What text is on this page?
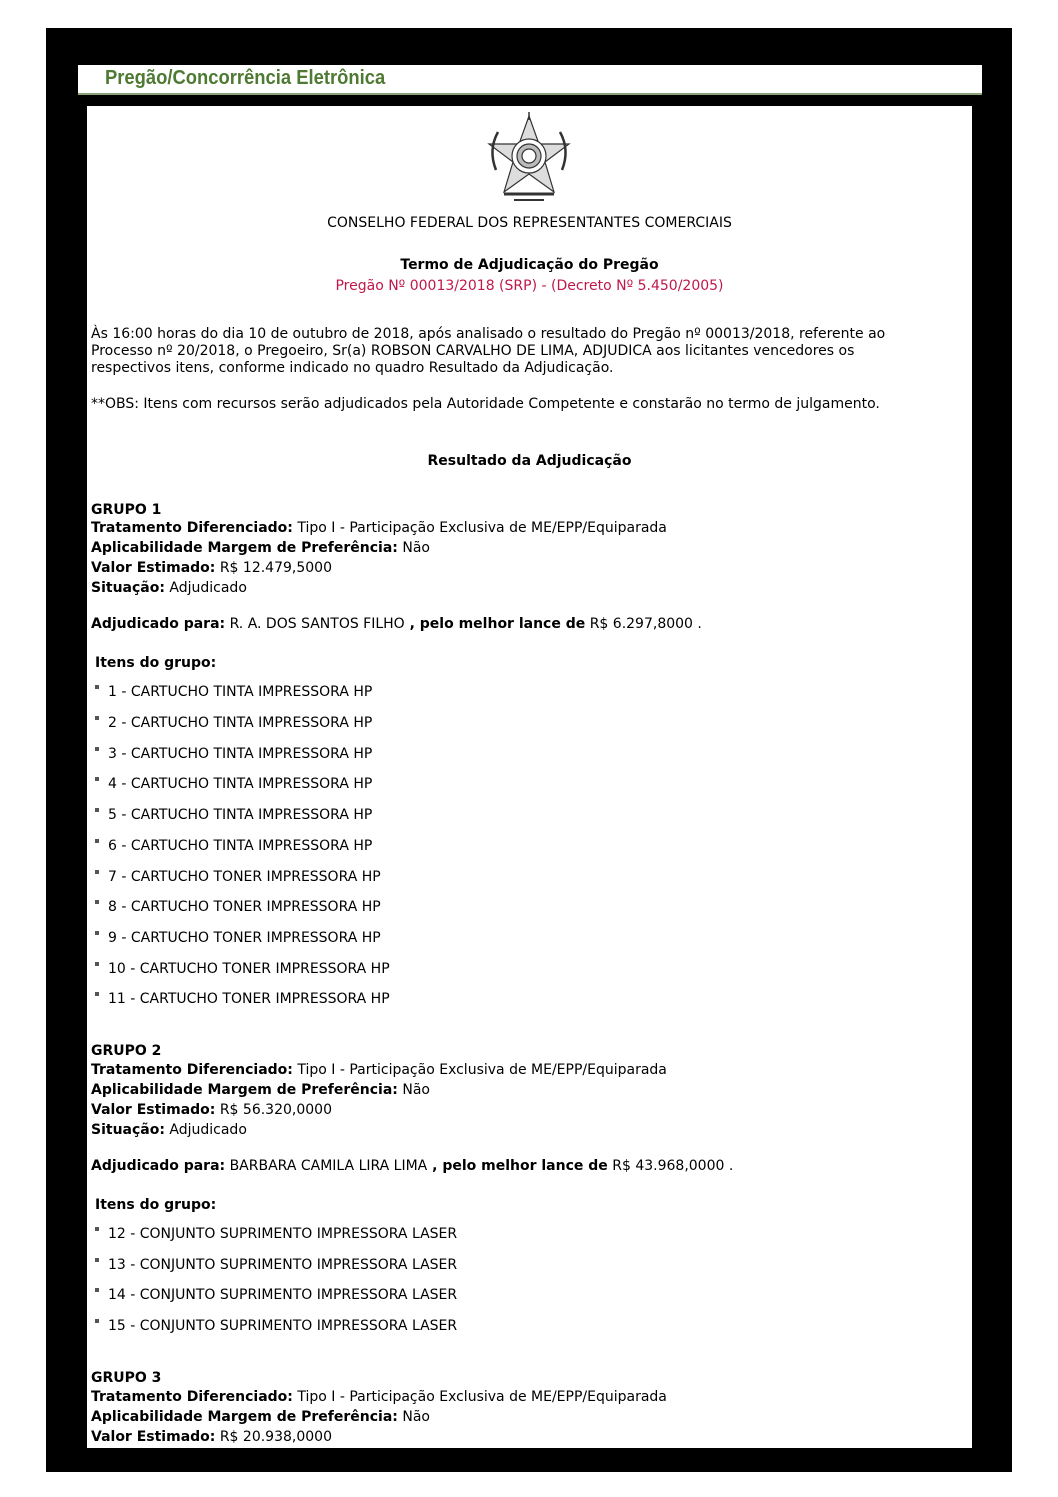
Pregão/Concorrência Eletrônica
CONSELHO FEDERAL DOS REPRESENTANTES COMERCIAIS
Termo de Adjudicação do Pregão
Pregão Nº 00013/2018 (SRP) - (Decreto Nº 5.450/2005)
Às 16:00 horas do dia 10 de outubro de 2018, após analisado o resultado do Pregão nº 00013/2018, referente ao
Processo nº 20/2018, o Pregoeiro, Sr(a) ROBSON CARVALHO DE LIMA, ADJUDICA aos licitantes vencedores os
respectivos itens, conforme indicado no quadro Resultado da Adjudicação.
**OBS: Itens com recursos serão adjudicados pela Autoridade Competente e constarão no termo de julgamento.
Resultado da Adjudicação
GRUPO 1
Tratamento Diferenciado: Tipo I - Participação Exclusiva de ME/EPP/Equiparada
Aplicabilidade Margem de Preferência: Não
Valor Estimado: R$ 12.479,5000
Situação: Adjudicado
Adjudicado para: R. A. DOS SANTOS FILHO , pelo melhor lance de R$ 6.297,8000 .
Itens do grupo:
1 - CARTUCHO TINTA IMPRESSORA HP
2 - CARTUCHO TINTA IMPRESSORA HP
3 - CARTUCHO TINTA IMPRESSORA HP
4 - CARTUCHO TINTA IMPRESSORA HP
5 - CARTUCHO TINTA IMPRESSORA HP
6 - CARTUCHO TINTA IMPRESSORA HP
7 - CARTUCHO TONER IMPRESSORA HP
8 - CARTUCHO TONER IMPRESSORA HP
9 - CARTUCHO TONER IMPRESSORA HP
10 - CARTUCHO TONER IMPRESSORA HP
11 - CARTUCHO TONER IMPRESSORA HP
GRUPO 2
Tratamento Diferenciado: Tipo I - Participação Exclusiva de ME/EPP/Equiparada
Aplicabilidade Margem de Preferência: Não
Valor Estimado: R$ 56.320,0000
Situação: Adjudicado
Adjudicado para: BARBARA CAMILA LIRA LIMA , pelo melhor lance de R$ 43.968,0000 .
Itens do grupo:
12 - CONJUNTO SUPRIMENTO IMPRESSORA LASER
13 - CONJUNTO SUPRIMENTO IMPRESSORA LASER
14 - CONJUNTO SUPRIMENTO IMPRESSORA LASER
15 - CONJUNTO SUPRIMENTO IMPRESSORA LASER
GRUPO 3
Tratamento Diferenciado: Tipo I - Participação Exclusiva de ME/EPP/Equiparada
Aplicabilidade Margem de Preferência: Não
Valor Estimado: R$ 20.938,0000
